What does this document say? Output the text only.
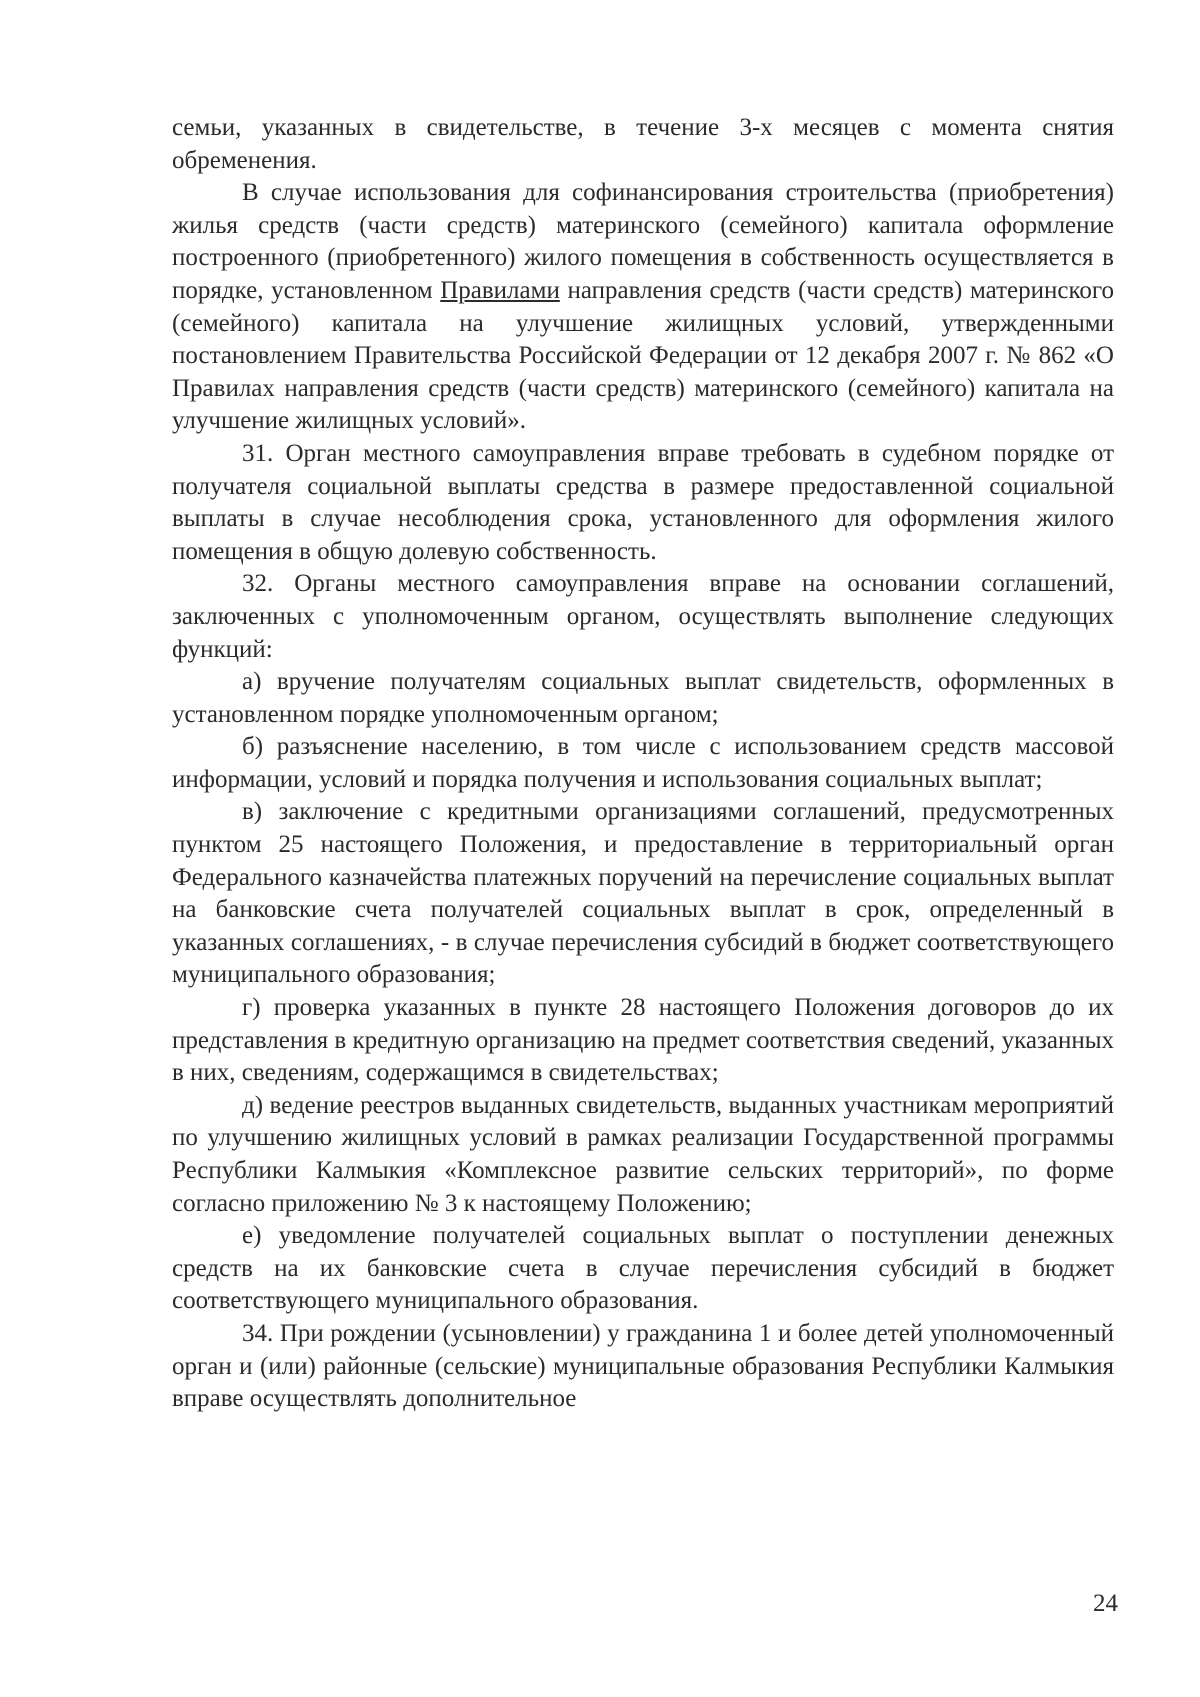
семьи, указанных в свидетельстве, в течение 3-х месяцев с момента снятия обременения.

В случае использования для софинансирования строительства (приобретения) жилья средств (части средств) материнского (семейного) капитала оформление построенного (приобретенного) жилого помещения в собственность осуществляется в порядке, установленном Правилами направления средств (части средств) материнского (семейного) капитала на улучшение жилищных условий, утвержденными постановлением Правительства Российской Федерации от 12 декабря 2007 г. № 862 «О Правилах направления средств (части средств) материнского (семейного) капитала на улучшение жилищных условий».

31. Орган местного самоуправления вправе требовать в судебном порядке от получателя социальной выплаты средства в размере предоставленной социальной выплаты в случае несоблюдения срока, установленного для оформления жилого помещения в общую долевую собственность.

32. Органы местного самоуправления вправе на основании соглашений, заключенных с уполномоченным органом, осуществлять выполнение следующих функций:

а) вручение получателям социальных выплат свидетельств, оформленных в установленном порядке уполномоченным органом;

б) разъяснение населению, в том числе с использованием средств массовой информации, условий и порядка получения и использования социальных выплат;

в) заключение с кредитными организациями соглашений, предусмотренных пунктом 25 настоящего Положения, и предоставление в территориальный орган Федерального казначейства платежных поручений на перечисление социальных выплат на банковские счета получателей социальных выплат в срок, определенный в указанных соглашениях, - в случае перечисления субсидий в бюджет соответствующего муниципального образования;

г) проверка указанных в пункте 28 настоящего Положения договоров до их представления в кредитную организацию на предмет соответствия сведений, указанных в них, сведениям, содержащимся в свидетельствах;

д) ведение реестров выданных свидетельств, выданных участникам мероприятий по улучшению жилищных условий в рамках реализации Государственной программы Республики Калмыкия «Комплексное развитие сельских территорий», по форме согласно приложению № 3 к настоящему Положению;

е) уведомление получателей социальных выплат о поступлении денежных средств на их банковские счета в случае перечисления субсидий в бюджет соответствующего муниципального образования.

34. При рождении (усыновлении) у гражданина 1 и более детей уполномоченный орган и (или) районные (сельские) муниципальные образования Республики Калмыкия вправе осуществлять дополнительное

24
